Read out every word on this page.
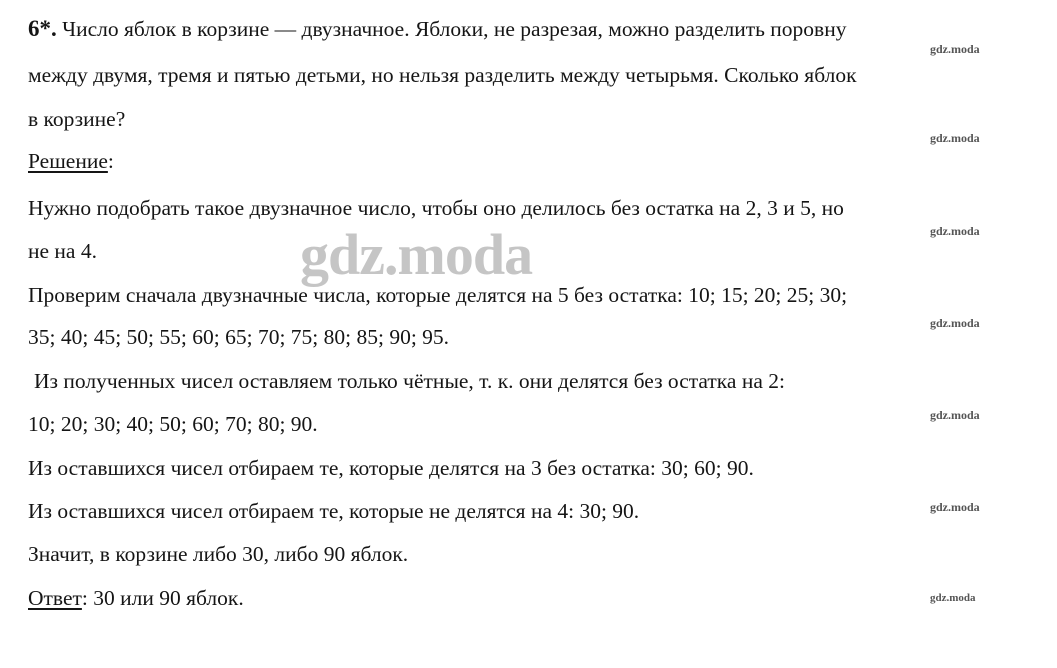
6*. Число яблок в корзине — двузначное. Яблоки, не разрезая, можно разделить поровну
между двумя, тремя и пятью детьми, но нельзя разделить между четырьмя. Сколько яблок
в корзине?
Решение:
Нужно подобрать такое двузначное число, чтобы оно делилось без остатка на 2, 3 и 5, но
не на 4.
Проверим сначала двузначные числа, которые делятся на 5 без остатка: 10; 15; 20; 25; 30;
35; 40; 45; 50; 55; 60; 65; 70; 75; 80; 85; 90; 95.
Из полученных чисел оставляем только чётные, т. к. они делятся без остатка на 2:
10; 20; 30; 40; 50; 60; 70; 80; 90.
Из оставшихся чисел отбираем те, которые делятся на 3 без остатка: 30; 60; 90.
Из оставшихся чисел отбираем те, которые не делятся на 4: 30; 90.
Значит, в корзине либо 30, либо 90 яблок.
Ответ: 30 или 90 яблок.
gdz.moda
gdz.moda
gdz.moda
gdz.moda
gdz.moda
gdz.moda
gdz.moda
gdz.moda
